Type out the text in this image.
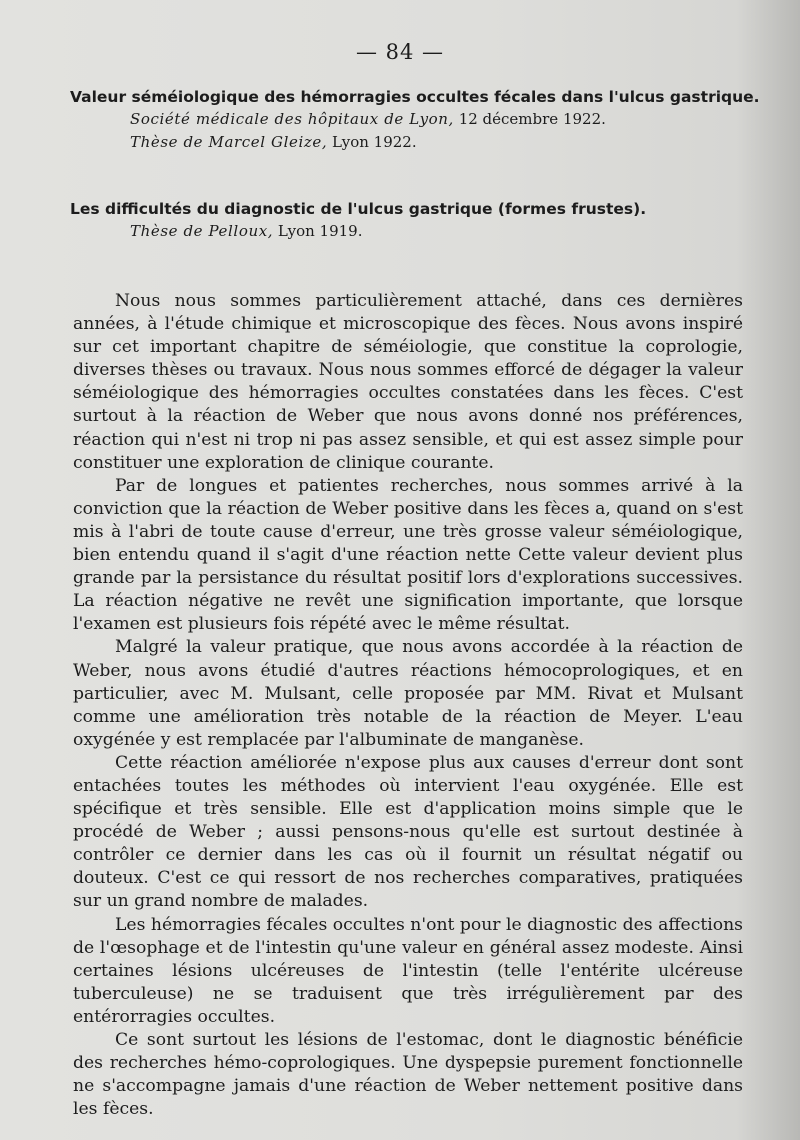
— 84 —
Valeur séméiologique des hémorragies occultes fécales dans l'ulcus gastrique.
Société médicale des hôpitaux de Lyon, 12 décembre 1922.
Thèse de Marcel Gleize, Lyon 1922.
Les difficultés du diagnostic de l'ulcus gastrique (formes frustes).
Thèse de Pelloux, Lyon 1919.

Nous nous sommes particulièrement attaché, dans ces dernières années, à l'étude chimique et microscopique des fèces. Nous avons inspiré sur cet important chapitre de séméiologie, que constitue la coprologie, diverses thèses ou travaux. Nous nous sommes efforcé de dégager la valeur séméiologique des hémorragies occultes constatées dans les fèces. C'est surtout à la réaction de Weber que nous avons donné nos préférences, réaction qui n'est ni trop ni pas assez sensible, et qui est assez simple pour constituer une exploration de clinique courante.

Par de longues et patientes recherches, nous sommes arrivé à la conviction que la réaction de Weber positive dans les fèces a, quand on s'est mis à l'abri de toute cause d'erreur, une très grosse valeur séméiologique, bien entendu quand il s'agit d'une réaction nette Cette valeur devient plus grande par la persistance du résultat positif lors d'explorations successives. La réaction négative ne revêt une signification importante, que lorsque l'examen est plusieurs fois répété avec le même résultat.

Malgré la valeur pratique, que nous avons accordée à la réaction de Weber, nous avons étudié d'autres réactions hémocoprologiques, et en particulier, avec M. Mulsant, celle proposée par MM. Rivat et Mulsant comme une amélioration très notable de la réaction de Meyer. L'eau oxygénée y est remplacée par l'albuminate de manganèse.

Cette réaction améliorée n'expose plus aux causes d'erreur dont sont entachées toutes les méthodes où intervient l'eau oxygénée. Elle est spécifique et très sensible. Elle est d'application moins simple que le procédé de Weber ; aussi pensons-nous qu'elle est surtout destinée à contrôler ce dernier dans les cas où il fournit un résultat négatif ou douteux. C'est ce qui ressort de nos recherches comparatives, pratiquées sur un grand nombre de malades.

Les hémorragies fécales occultes n'ont pour le diagnostic des affections de l'œsophage et de l'intestin qu'une valeur en général assez modeste. Ainsi certaines lésions ulcéreuses de l'intestin (telle l'entérite ulcéreuse tuberculeuse) ne se traduisent que très irrégulièrement par des entérorragies occultes.

Ce sont surtout les lésions de l'estomac, dont le diagnostic bénéficie des recherches hémo-coprologiques. Une dyspepsie purement fonctionnelle ne s'accompagne jamais d'une réaction de Weber nettement positive dans les fèces.
